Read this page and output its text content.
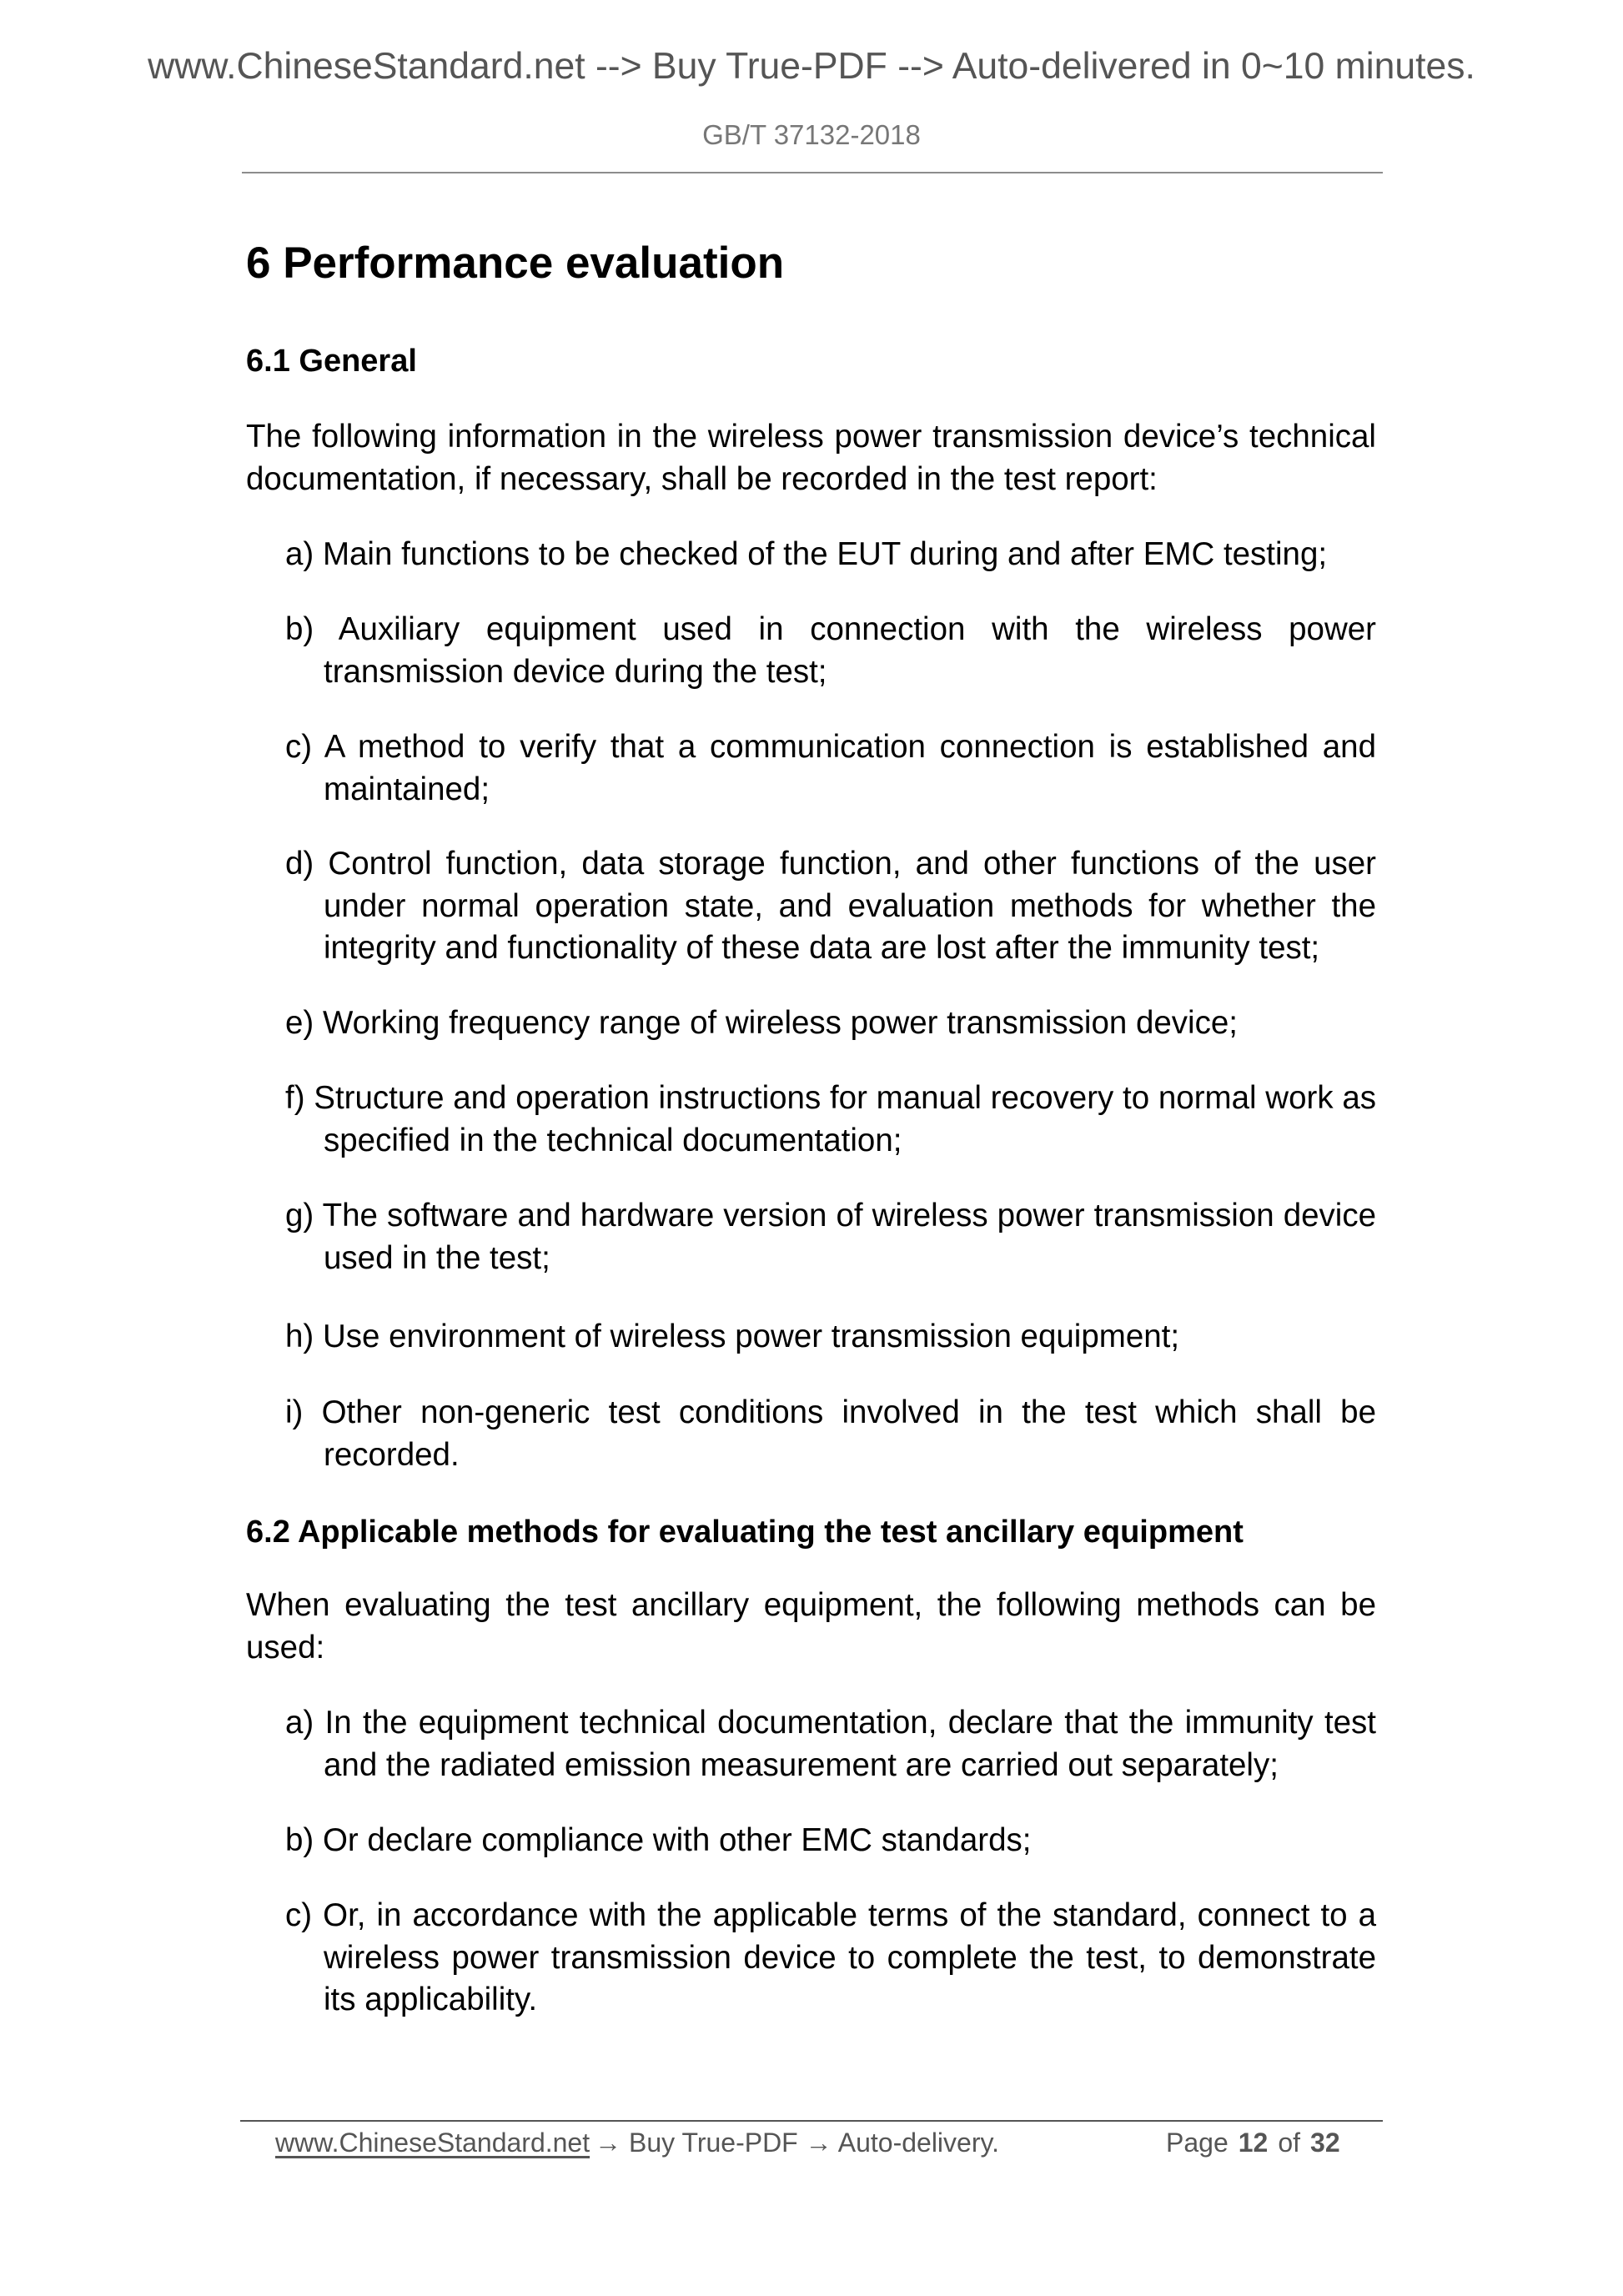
www.ChineseStandard.net --> Buy True-PDF --> Auto-delivered in 0~10 minutes.
GB/T 37132-2018
6 Performance evaluation
6.1 General
The following information in the wireless power transmission device’s technical documentation, if necessary, shall be recorded in the test report:
a) Main functions to be checked of the EUT during and after EMC testing;
b) Auxiliary equipment used in connection with the wireless power transmission device during the test;
c) A method to verify that a communication connection is established and maintained;
d) Control function, data storage function, and other functions of the user under normal operation state, and evaluation methods for whether the integrity and functionality of these data are lost after the immunity test;
e) Working frequency range of wireless power transmission device;
f) Structure and operation instructions for manual recovery to normal work as specified in the technical documentation;
g) The software and hardware version of wireless power transmission device used in the test;
h) Use environment of wireless power transmission equipment;
i) Other non-generic test conditions involved in the test which shall be recorded.
6.2 Applicable methods for evaluating the test ancillary equipment
When evaluating the test ancillary equipment, the following methods can be used:
a) In the equipment technical documentation, declare that the immunity test and the radiated emission measurement are carried out separately;
b) Or declare compliance with other EMC standards;
c) Or, in accordance with the applicable terms of the standard, connect to a wireless power transmission device to complete the test, to demonstrate its applicability.
www.ChineseStandard.net → Buy True-PDF → Auto-delivery.	Page 12 of 32
